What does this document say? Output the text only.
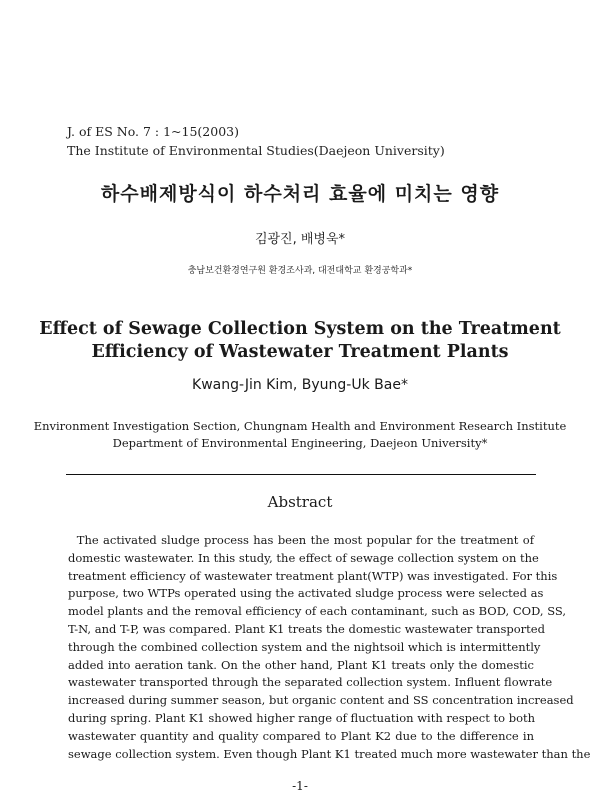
J. of ES No. 7 : 1~15(2003)
The Institute of Environmental Studies(Daejeon University)
하수배제방식이 하수처리 효율에 미치는 영향
김광진, 배병욱*
충남보건환경연구원 환경조사과, 대전대학교 환경공학과*
Effect of Sewage Collection System on the Treatment
Efficiency of Wastewater Treatment Plants
Kwang-Jin Kim, Byung-Uk Bae*
Environment Investigation Section, Chungnam Health and Environment Research Institute
Department of Environmental Engineering, Daejeon University*
Abstract
The activated sludge process has been the most popular for the treatment of
domestic wastewater. In this study, the effect of sewage collection system on the
treatment efficiency of wastewater treatment plant(WTP) was investigated. For this
purpose, two WTPs operated using the activated sludge process were selected as
model plants and the removal efficiency of each contaminant, such as BOD, COD, SS,
T-N, and T-P, was compared. Plant K1 treats the domestic wastewater transported
through the combined collection system and the nightsoil which is intermittently
added into aeration tank. On the other hand, Plant K1 treats only the domestic
wastewater transported through the separated collection system. Influent flowrate
increased during summer season, but organic content and SS concentration increased
during spring. Plant K1 showed higher range of fluctuation with respect to both
wastewater quantity and quality compared to Plant K2 due to the difference in
sewage collection system. Even though Plant K1 treated much more wastewater than the
-1-
